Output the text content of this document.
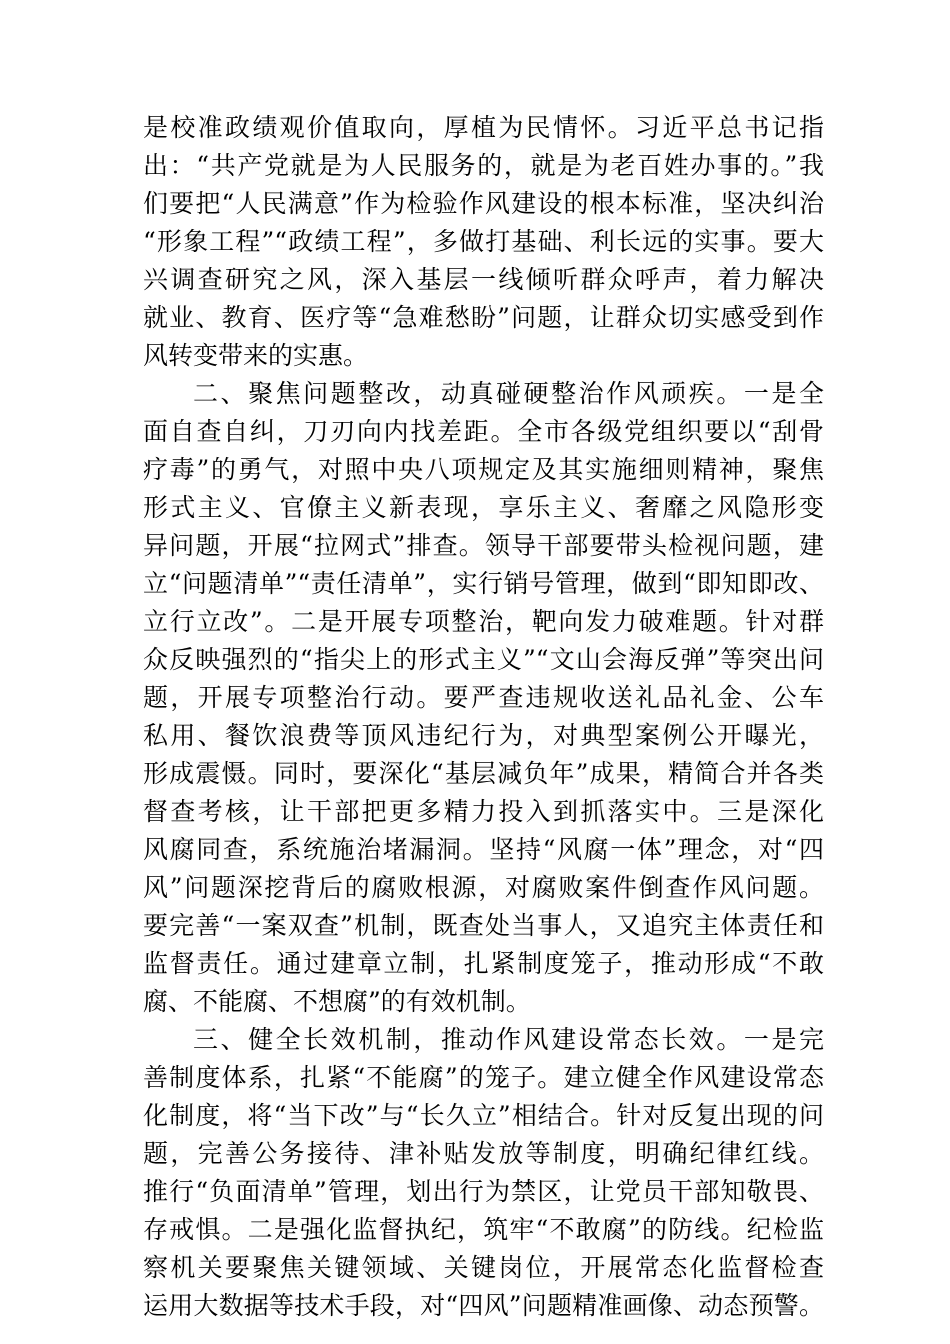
是校准政绩观价值取向，厚植为民情怀。习近平总书记指
出：“共产党就是为人民服务的，就是为老百姓办事的。”我
们要把“人民满意”作为检验作风建设的根本标准，坚决纠治
“形象工程”“政绩工程”，多做打基础、利长远的实事。要大
兴调查研究之风，深入基层一线倾听群众呼声，着力解决
就业、教育、医疗等“急难愁盼”问题，让群众切实感受到作
风转变带来的实惠。
二、聚焦问题整改，动真碰硬整治作风顽疾。一是全
面自查自纠，刀刃向内找差距。全市各级党组织要以“刮骨
疗毒”的勇气，对照中央八项规定及其实施细则精神，聚焦
形式主义、官僚主义新表现，享乐主义、奢靡之风隐形变
异问题，开展“拉网式”排查。领导干部要带头检视问题，建
立“问题清单”“责任清单”，实行销号管理，做到“即知即改、
立行立改”。二是开展专项整治，靶向发力破难题。针对群
众反映强烈的“指尖上的形式主义”“文山会海反弹”等突出问
题，开展专项整治行动。要严查违规收送礼品礼金、公车
私用、餐饮浪费等顶风违纪行为，对典型案例公开曝光，
形成震慑。同时，要深化“基层减负年”成果，精简合并各类
督查考核，让干部把更多精力投入到抓落实中。三是深化
风腐同查，系统施治堵漏洞。坚持“风腐一体”理念，对“四
风”问题深挖背后的腐败根源，对腐败案件倒查作风问题。
要完善“一案双查”机制，既查处当事人，又追究主体责任和
监督责任。通过建章立制，扎紧制度笼子，推动形成“不敢
腐、不能腐、不想腐”的有效机制。
三、健全长效机制，推动作风建设常态长效。一是完
善制度体系，扎紧“不能腐”的笼子。建立健全作风建设常态
化制度，将“当下改”与“长久立”相结合。针对反复出现的问
题，完善公务接待、津补贴发放等制度，明确纪律红线。
推行“负面清单”管理，划出行为禁区，让党员干部知敬畏、
存戒惧。二是强化监督执纪，筑牢“不敢腐”的防线。纪检监
察机关要聚焦关键领域、关键岗位，开展常态化监督检查
运用大数据等技术手段，对“四风”问题精准画像、动态预警。
